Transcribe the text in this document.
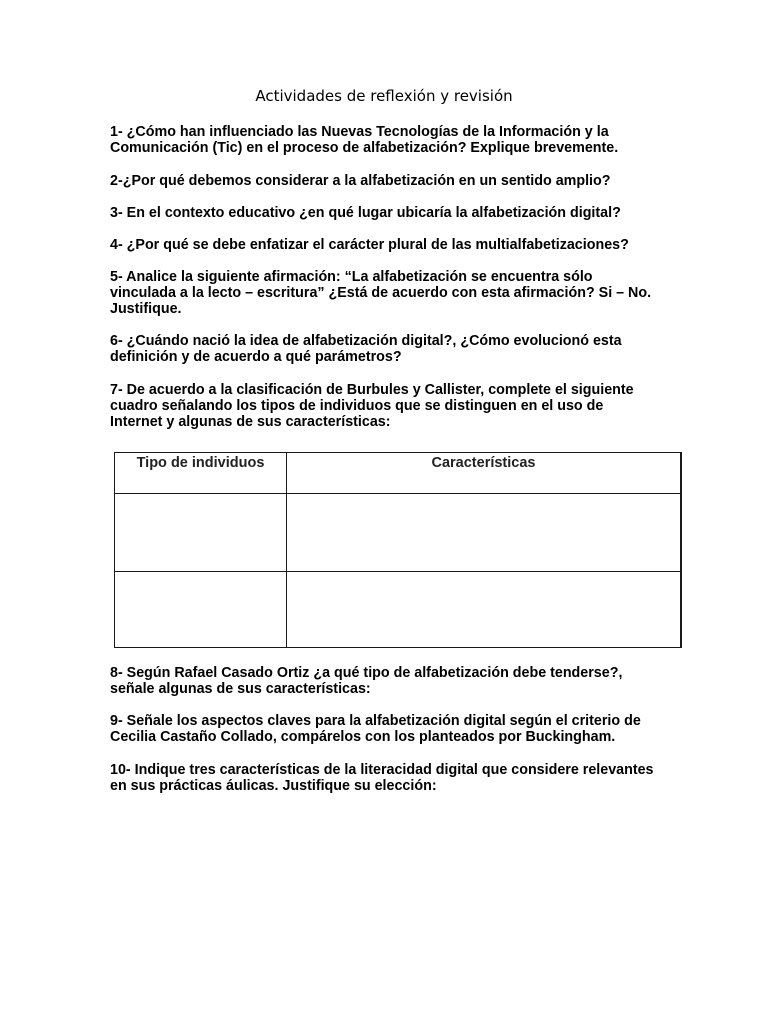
Actividades de reflexión y revisión
1- ¿Cómo han influenciado las Nuevas Tecnologías de la Información y la Comunicación (Tic) en el proceso de alfabetización? Explique brevemente.
2-¿Por qué debemos considerar a la alfabetización en un sentido amplio?
3- En el contexto educativo ¿en qué lugar ubicaría la alfabetización digital?
4- ¿Por qué se debe enfatizar el carácter plural de las multialfabetizaciones?
5- Analice la siguiente afirmación: “La alfabetización se encuentra sólo vinculada a la lecto – escritura” ¿Está de acuerdo con esta afirmación? Si – No. Justifique.
6- ¿Cuándo nació la idea de alfabetización digital?, ¿Cómo evolucionó esta definición y de acuerdo a qué parámetros?
7- De acuerdo a la clasificación de Burbules y Callister, complete el siguiente cuadro señalando los tipos de individuos que se distinguen en el uso de Internet y algunas de sus características:
Tipo de individuos	Características

8- Según Rafael Casado Ortiz ¿a qué tipo de alfabetización debe tenderse?, señale algunas de sus características:
9- Señale los aspectos claves para la alfabetización digital según el criterio de Cecilia Castaño Collado, compárelos con los planteados por Buckingham.
10- Indique tres características de la literacidad digital que considere relevantes en sus prácticas áulicas. Justifique su elección:
